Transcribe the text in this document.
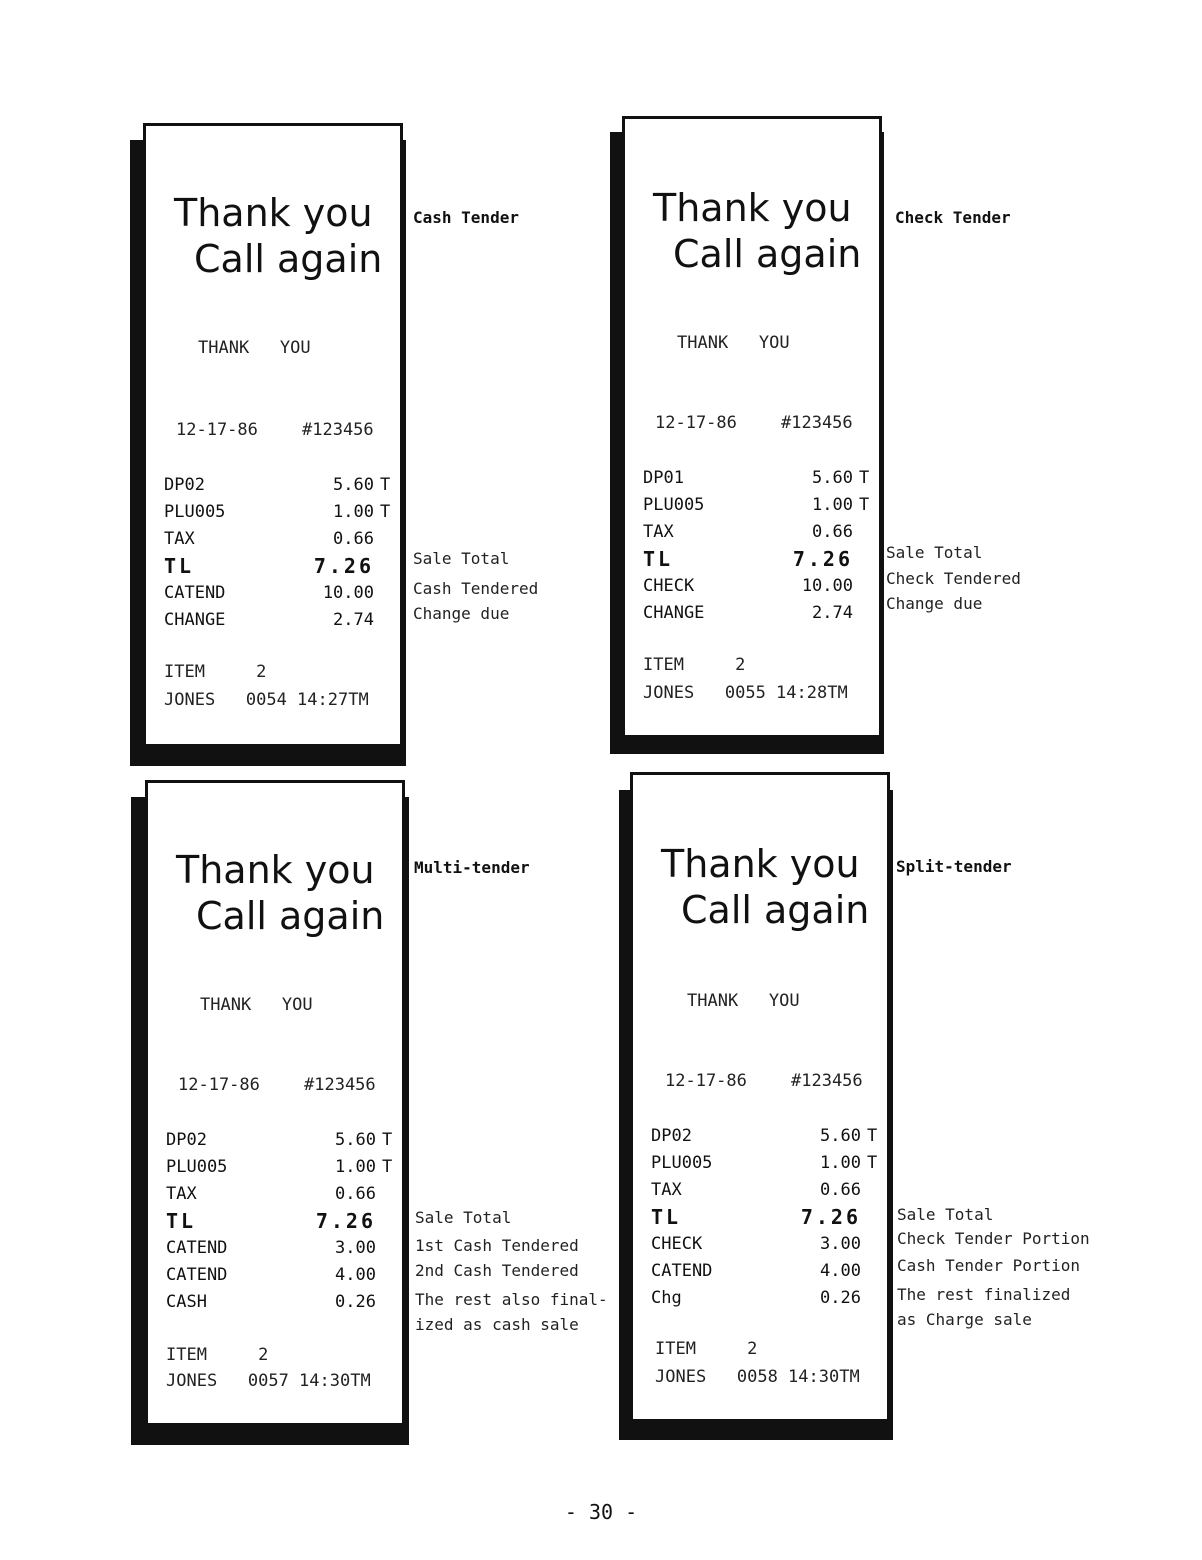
Thank you
Call again
THANK   YOU
12-17-86	#123456
DP02	5.60 T
PLU005	1.00 T
TAX	0.66
TL	7.26
CATEND	10.00
CHANGE	2.74
ITEM     2
JONES   0054 14:27TM
Cash Tender
Sale Total
Cash Tendered
Change due
Thank you
Call again
THANK   YOU
12-17-86	#123456
DP01	5.60 T
PLU005	1.00 T
TAX	0.66
TL	7.26
CHECK	10.00
CHANGE	2.74
ITEM     2
JONES   0055 14:28TM
Check Tender
Sale Total
Check Tendered
Change due
Thank you
Call again
THANK   YOU
12-17-86	#123456
DP02	5.60 T
PLU005	1.00 T
TAX	0.66
TL	7.26
CATEND	3.00
CATEND	4.00
CASH	0.26
ITEM     2
JONES   0057 14:30TM
Multi-tender
Sale Total
1st Cash Tendered
2nd Cash Tendered
The rest also final-
ized as cash sale
Thank you
Call again
THANK   YOU
12-17-86	#123456
DP02	5.60 T
PLU005	1.00 T
TAX	0.66
TL	7.26
CHECK	3.00
CATEND	4.00
Chg	0.26
ITEM     2
JONES   0058 14:30TM
Split-tender
Sale Total
Check Tender Portion
Cash Tender Portion
The rest finalized
as Charge sale
- 30 -
